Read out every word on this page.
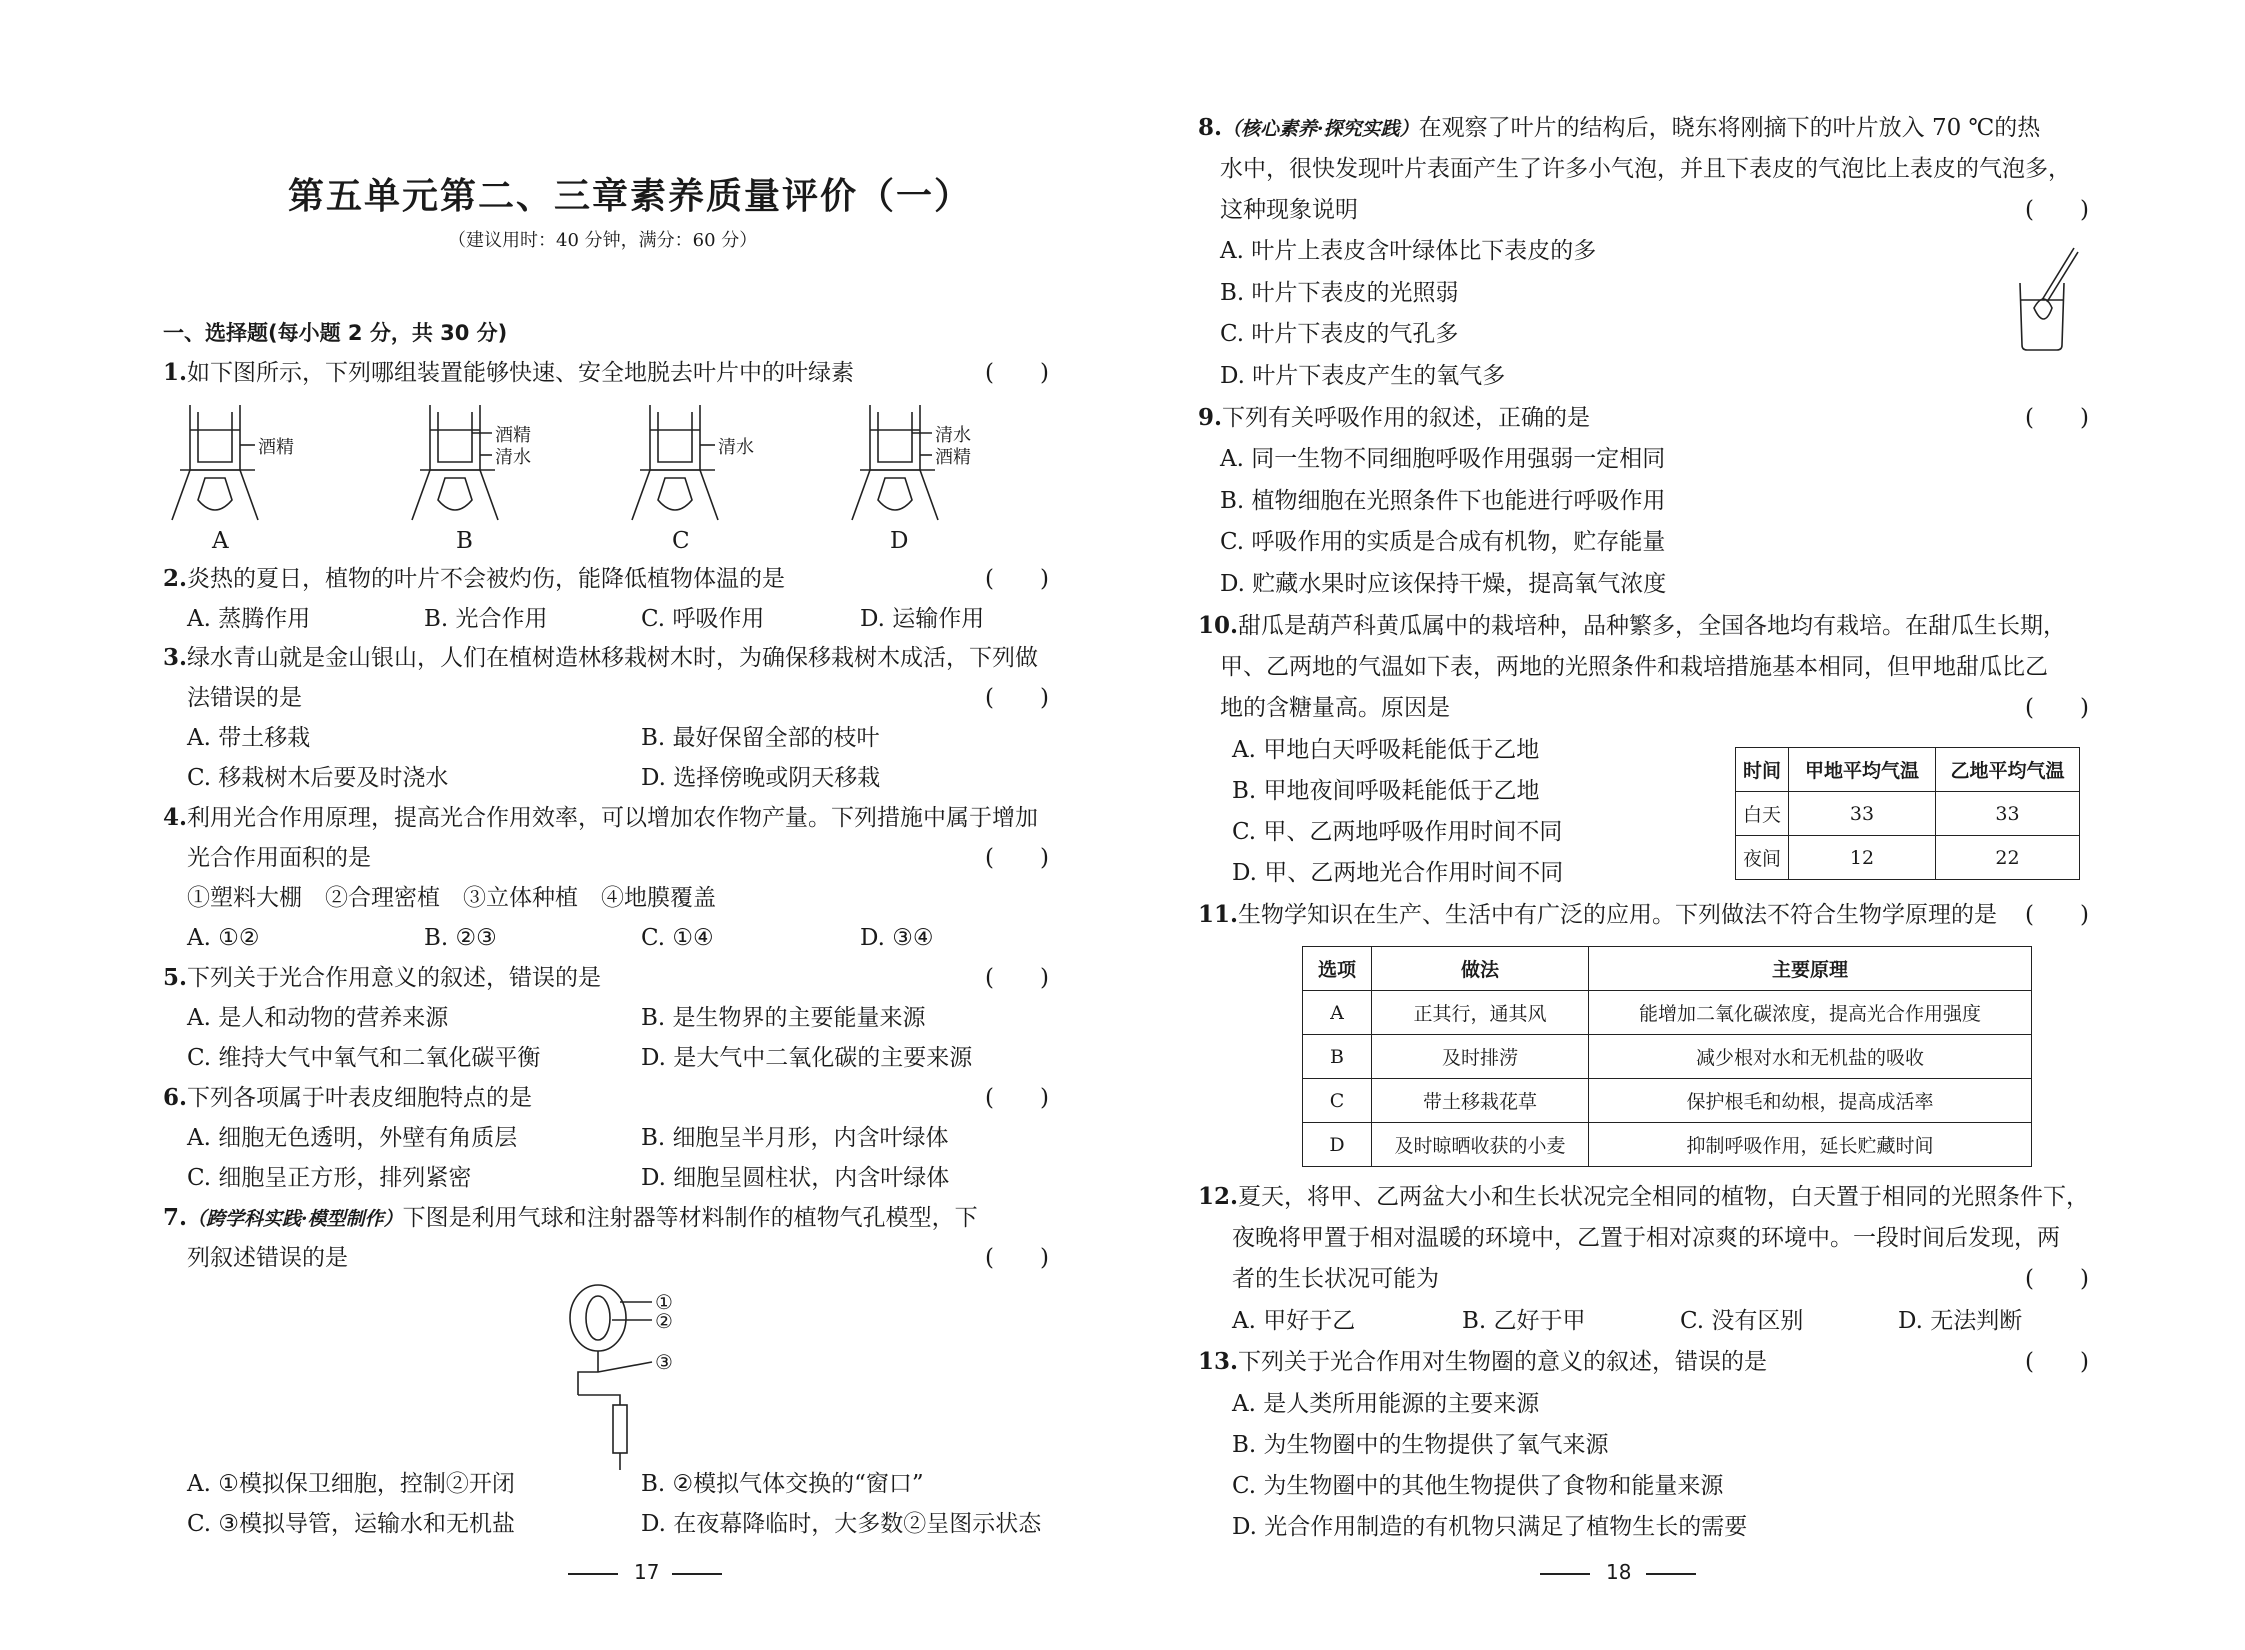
第五单元第二、三章素养质量评价（一）
（建议用时：40 分钟，满分：60 分）
一、选择题(每小题 2 分，共 30 分)
1.如下图所示，下列哪组装置能够快速、安全地脱去叶片中的叶绿素	(　　)
酒精
酒精
清水	清水
清水
酒精
A	B	C	D
2.炎热的夏日，植物的叶片不会被灼伤，能降低植物体温的是	(　　)
A. 蒸腾作用	B. 光合作用	C. 呼吸作用	D. 运输作用
3.绿水青山就是金山银山，人们在植树造林移栽树木时，为确保移栽树木成活，下列做
法错误的是	(　　)
A. 带土移栽	B. 最好保留全部的枝叶
C. 移栽树木后要及时浇水	D. 选择傍晚或阴天移栽
4.利用光合作用原理，提高光合作用效率，可以增加农作物产量。下列措施中属于增加
光合作用面积的是	(　　)
①塑料大棚　②合理密植　③立体种植　④地膜覆盖
A. ①②	B. ②③	C. ①④	D. ③④
5.下列关于光合作用意义的叙述，错误的是	(　　)
A. 是人和动物的营养来源	B. 是生物界的主要能量来源
C. 维持大气中氧气和二氧化碳平衡	D. 是大气中二氧化碳的主要来源
6.下列各项属于叶表皮细胞特点的是	(　　)
A. 细胞无色透明，外壁有角质层	B. 细胞呈半月形，内含叶绿体
C. 细胞呈正方形，排列紧密	D. 细胞呈圆柱状，内含叶绿体
7.（跨学科实践·模型制作）下图是利用气球和注射器等材料制作的植物气孔模型，下
列叙述错误的是	(　　)
①
②
③
A. ①模拟保卫细胞，控制②开闭	B. ②模拟气体交换的“窗口”
C. ③模拟导管，运输水和无机盐	D. 在夜幕降临时，大多数②呈图示状态
17
8.（核心素养·探究实践）在观察了叶片的结构后，晓东将刚摘下的叶片放入 70 ℃的热
水中，很快发现叶片表面产生了许多小气泡，并且下表皮的气泡比上表皮的气泡多，
这种现象说明	(　　)
A. 叶片上表皮含叶绿体比下表皮的多
B. 叶片下表皮的光照弱
C. 叶片下表皮的气孔多
D. 叶片下表皮产生的氧气多
9.下列有关呼吸作用的叙述，正确的是	(　　)
A. 同一生物不同细胞呼吸作用强弱一定相同
B. 植物细胞在光照条件下也能进行呼吸作用
C. 呼吸作用的实质是合成有机物，贮存能量
D. 贮藏水果时应该保持干燥，提高氧气浓度
10.甜瓜是葫芦科黄瓜属中的栽培种，品种繁多，全国各地均有栽培。在甜瓜生长期，
甲、乙两地的气温如下表，两地的光照条件和栽培措施基本相同，但甲地甜瓜比乙
地的含糖量高。原因是	(　　)
A. 甲地白天呼吸耗能低于乙地
B. 甲地夜间呼吸耗能低于乙地
C. 甲、乙两地呼吸作用时间不同
D. 甲、乙两地光合作用时间不同
时间	甲地平均气温	乙地平均气温
白天	33	33
夜间	12	22
11.生物学知识在生产、生活中有广泛的应用。下列做法不符合生物学原理的是 (　　)
选项	做法	主要原理
A	正其行，通其风	能增加二氧化碳浓度，提高光合作用强度
B	及时排涝	减少根对水和无机盐的吸收
C	带土移栽花草	保护根毛和幼根，提高成活率
D	及时晾晒收获的小麦	抑制呼吸作用，延长贮藏时间
12.夏天，将甲、乙两盆大小和生长状况完全相同的植物，白天置于相同的光照条件下，
夜晚将甲置于相对温暖的环境中，乙置于相对凉爽的环境中。一段时间后发现，两
者的生长状况可能为	(　　)
A. 甲好于乙	B. 乙好于甲	C. 没有区别	D. 无法判断
13.下列关于光合作用对生物圈的意义的叙述，错误的是	(　　)
A. 是人类所用能源的主要来源
B. 为生物圈中的生物提供了氧气来源
C. 为生物圈中的其他生物提供了食物和能量来源
D. 光合作用制造的有机物只满足了植物生长的需要
18
